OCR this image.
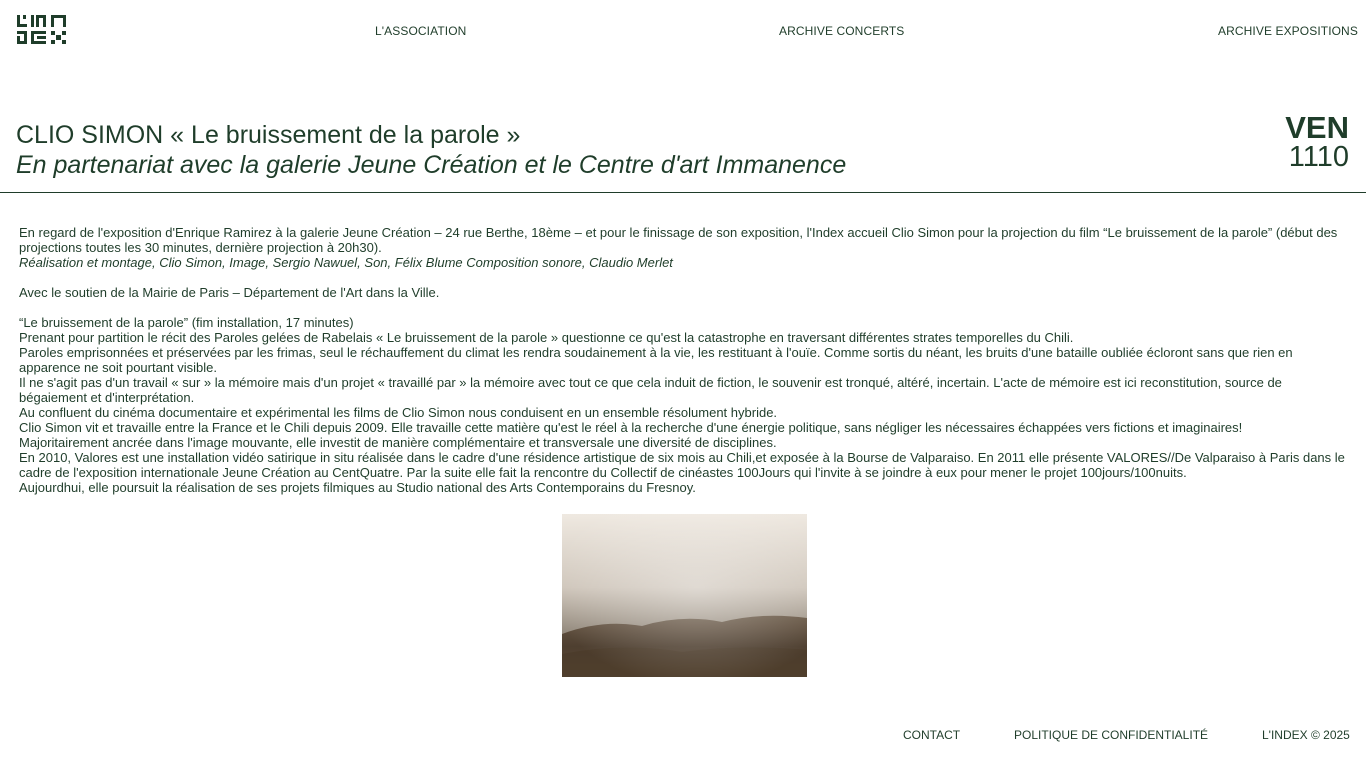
L'ASSOCIATION	ARCHIVE CONCERTS	ARCHIVE EXPOSITIONS
CLIO SIMON « Le bruissement de la parole »

En partenariat avec la galerie Jeune Création et le Centre d'art Immanence

VEN
1110

En regard de l'exposition d'Enrique Ramirez à la galerie Jeune Création – 24 rue Berthe, 18ème – et pour le finissage de son exposition, l'Index accueil Clio Simon pour la projection du film “Le bruissement de la parole” (début des projections toutes les 30 minutes, dernière projection à 20h30).

Réalisation et montage, Clio Simon, Image, Sergio Nawuel, Son, Félix Blume Composition sonore, Claudio Merlet

Avec le soutien de la Mairie de Paris – Département de l'Art dans la Ville.

“Le bruissement de la parole” (fim installation, 17 minutes)

Prenant pour partition le récit des Paroles gelées de Rabelais « Le bruissement de la parole » questionne ce qu'est la catastrophe en traversant différentes strates temporelles du Chili.

Paroles emprisonnées et préservées par les frimas, seul le réchauffement du climat les rendra soudainement à la vie, les restituant à l'ouïe. Comme sortis du néant, les bruits d'une bataille oubliée écloront sans que rien en apparence ne soit pourtant visible.

Il ne s'agit pas d'un travail « sur » la mémoire mais d'un projet « travaillé par » la mémoire avec tout ce que cela induit de fiction, le souvenir est tronqué, altéré, incertain. L'acte de mémoire est ici reconstitution, source de bégaiement et d'interprétation.

Au confluent du cinéma documentaire et expérimental les films de Clio Simon nous conduisent en un ensemble résolument hybride.

Clio Simon vit et travaille entre la France et le Chili depuis 2009. Elle travaille cette matière qu'est le réel à la recherche d'une énergie politique, sans négliger les nécessaires échappées vers fictions et imaginaires!

Majoritairement ancrée dans l'image mouvante, elle investit de manière complémentaire et transversale une diversité de disciplines.

En 2010, Valores est une installation vidéo satirique in situ réalisée dans le cadre d'une résidence artistique de six mois au Chili,et exposée à la Bourse de Valparaiso. En 2011 elle présente VALORES//De Valparaiso à Paris dans le cadre de l'exposition internationale Jeune Création au CentQuatre. Par la suite elle fait la rencontre du Collectif de cinéastes 100Jours qui l'invite à se joindre à eux pour mener le projet 100jours/100nuits.

Aujourdhui, elle poursuit la réalisation de ses projets filmiques au Studio national des Arts Contemporains du Fresnoy.

CONTACT	POLITIQUE DE CONFIDENTIALITÉ	L'INDEX © 2025
